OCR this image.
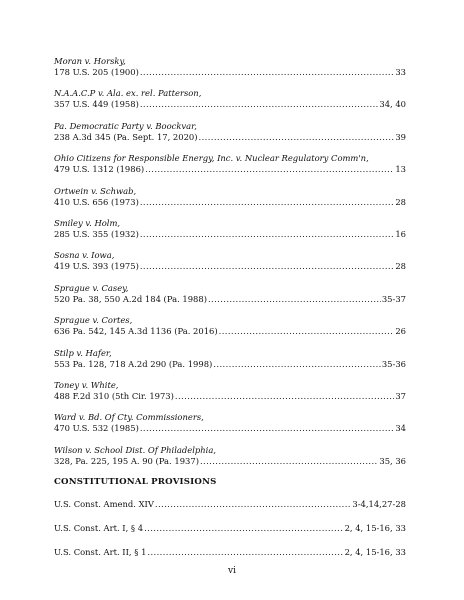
Moran v. Horsky,
178 U.S. 205 (1900) .....	33
N.A.A.C.P v. Ala. ex. rel. Patterson,
357 U.S. 449 (1958) .....	34, 40
Pa. Democratic Party v. Boockvar,
238 A.3d 345 (Pa. Sept. 17, 2020) .....	39
Ohio Citizens for Responsible Energy, Inc. v. Nuclear Regulatory Comm'n,
479 U.S. 1312 (1986) .....	13
Ortwein v. Schwab,
410 U.S. 656 (1973) .....	28
Smiley v. Holm,
285 U.S. 355 (1932) .....	16
Sosna v. Iowa,
419 U.S. 393 (1975) .....	28
Sprague v. Casey,
520 Pa. 38, 550 A.2d 184 (Pa. 1988) .....	35-37
Sprague v. Cortes,
636 Pa. 542, 145 A.3d 1136 (Pa. 2016) .....	26
Stilp v. Hafer,
553 Pa. 128, 718 A.2d 290 (Pa. 1998) .....	35-36
Toney v. White,
488 F.2d 310 (5th Cir. 1973) .....	37
Ward v. Bd. Of Cty. Commissioners,
470 U.S. 532 (1985) .....	34
Wilson v. School Dist. Of Philadelphia,
328, Pa. 225, 195 A. 90 (Pa. 1937) .....	35, 36
CONSTITUTIONAL PROVISIONS
U.S. Const. Amend. XIV .....	3-4,14,27-28
U.S. Const. Art. I, § 4 .....	2, 4, 15-16, 33
U.S. Const. Art. II, § 1 .....	2, 4, 15-16, 33
vi
